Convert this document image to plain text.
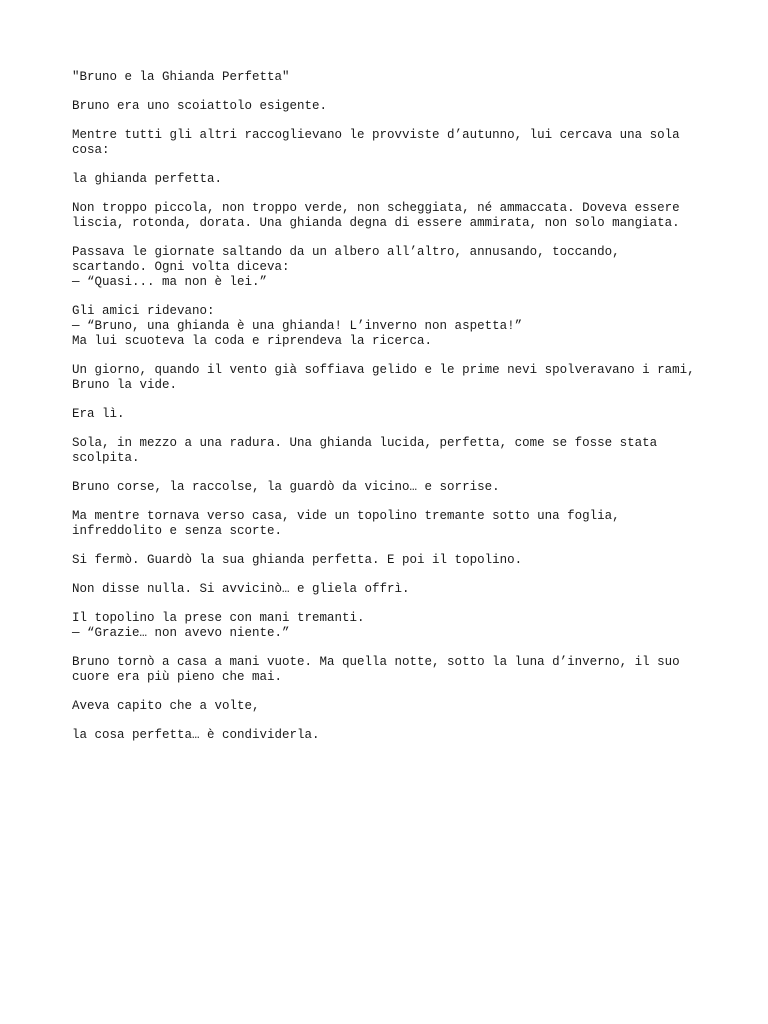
"Bruno e la Ghianda Perfetta"

Bruno era uno scoiattolo esigente.

Mentre tutti gli altri raccoglievano le provviste d’autunno, lui cercava una sola
cosa:

la ghianda perfetta.

Non troppo piccola, non troppo verde, non scheggiata, né ammaccata. Doveva essere
liscia, rotonda, dorata. Una ghianda degna di essere ammirata, non solo mangiata.

Passava le giornate saltando da un albero all’altro, annusando, toccando,
scartando. Ogni volta diceva:
— “Quasi... ma non è lei.”

Gli amici ridevano:
— “Bruno, una ghianda è una ghianda! L’inverno non aspetta!”
Ma lui scuoteva la coda e riprendeva la ricerca.

Un giorno, quando il vento già soffiava gelido e le prime nevi spolveravano i rami,
Bruno la vide.

Era lì.

Sola, in mezzo a una radura. Una ghianda lucida, perfetta, come se fosse stata
scolpita.

Bruno corse, la raccolse, la guardò da vicino… e sorrise.

Ma mentre tornava verso casa, vide un topolino tremante sotto una foglia,
infreddolito e senza scorte.

Si fermò. Guardò la sua ghianda perfetta. E poi il topolino.

Non disse nulla. Si avvicinò… e gliela offrì.

Il topolino la prese con mani tremanti.
— “Grazie… non avevo niente.”

Bruno tornò a casa a mani vuote. Ma quella notte, sotto la luna d’inverno, il suo
cuore era più pieno che mai.

Aveva capito che a volte,

la cosa perfetta… è condividerla.
